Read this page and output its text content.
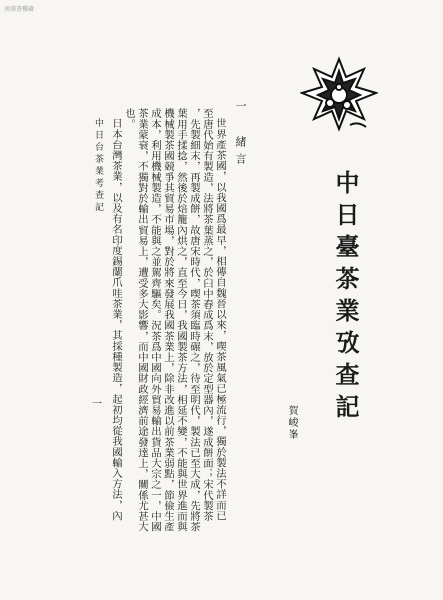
南浦書樓藏
中日臺茶業攷查記
賀峻峯
一 緒言
世界產茶國，以我國爲最早，相傳自魏晉以來，喫茶風氣已極流行，獨於製法不詳而已
至唐代始有製造，法將茶葉蒸之，於臼中舂成爲末，放於定型器內，遂成餅面；宋代製茶
，先製細末，再製成餅，故唐宋時代，喫茶須臨時碾之，待至明代，製法已至大成，先將茶
葉用手揉捻，然後於焙籠內烘之，直至今日，我國製茶方法，相延不變，不能與世界進而與
機械製茶國競爭其貿易市場，對於將來發展我國茶業上，除非改進以前茶業弱點，節儉生產
成本，利用機械製造，不能與之並駕齊驅矣。況茶爲中國向外貿易輸出貨品大宗之一，中國
茶業蒙衰，不獨對於輸出貿易上，遭受多大影響，而中國財政經濟前途發達上，關係尤甚大
也。
日本台灣茶業，以及有名印度錫蘭爪哇茶業，其採種製造，起初均從我國輸入方法，內
中日台茶業考查記
一
